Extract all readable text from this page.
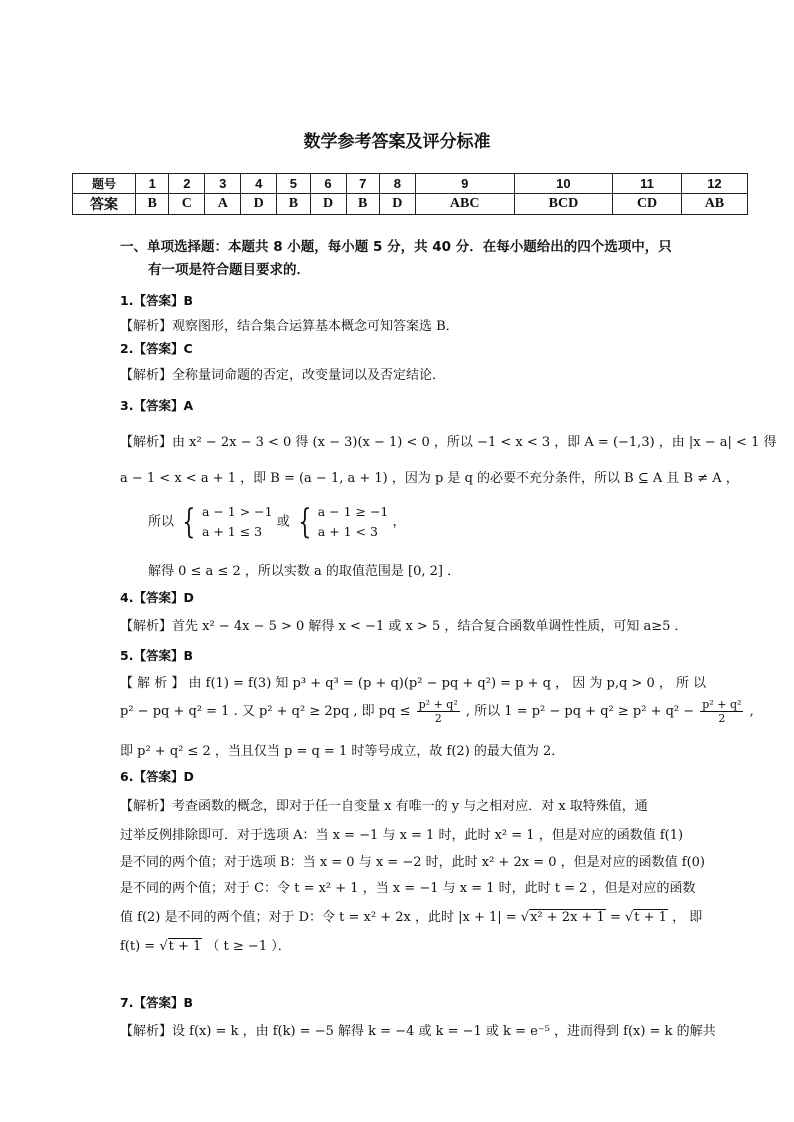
数学参考答案及评分标准
题号	1	2	3	4	5	6	7	8	9	10	11	12
答案	B	C	A	D	B	D	B	D	ABC	BCD	CD	AB
一、单项选择题：本题共 8 小题，每小题 5 分，共 40 分．在每小题给出的四个选项中，只
有一项是符合题目要求的．
1.【答案】B
【解析】观察图形，结合集合运算基本概念可知答案选 B．
2.【答案】C
【解析】全称量词命题的否定，改变量词以及否定结论．
3.【答案】A
【解析】由 x² − 2x − 3 < 0 得 (x − 3)(x − 1) < 0 ，所以 −1 < x < 3 ，即 A = (−1,3) ，由 |x − a| < 1 得
a − 1 < x < a + 1 ，即 B = (a − 1, a + 1) ，因为 p 是 q 的必要不充分条件，所以 B ⊆ A 且 B ≠ A ，
所以 { a − 1 > −1
a + 1 ≤ 3
或 { a − 1 ≥ −1
a + 1 < 3
，
解得 0 ≤ a ≤ 2 ，所以实数 a 的取值范围是 [0, 2] ．
4.【答案】D
【解析】首先 x² − 4x − 5 > 0 解得 x < −1 或 x > 5 ，结合复合函数单调性性质，可知 a≥5 ．
5.【答案】B
【 解 析 】 由 f(1) = f(3) 知 p³ + q³ = (p + q)(p² − pq + q²) = p + q ， 因 为 p,q > 0 ， 所 以
p² − pq + q² = 1 . 又 p² + q² ≥ 2pq , 即 pq ≤ $\frac{\text{p² + q²}}{2}$ , 所以 1 = p² − pq + $q^2 \ge p^2 + q^2 - \frac{\text{p² + q²}}{2}$ ,
即 p² + q² ≤ 2 ，当且仅当 p = q = 1 时等号成立，故 f(2) 的最大值为 2．
6.【答案】D
【解析】考查函数的概念，即对于任一自变量 x 有唯一的 y 与之相对应．对 x 取特殊值，通
过举反例排除即可．对于选项 A：当 x = −1 与 x = 1 时，此时 x² = 1 ，但是对应的函数值 f(1)
是不同的两个值；对于选项 B：当 x = 0 与 x = −2 时，此时 x² + 2x = 0 ，但是对应的函数值 f(0)
是不同的两个值；对于 C：令 t = x² + 1 ，当 x = −1 与 x = 1 时，此时 t = 2 ，但是对应的函数
值 f(2) 是不同的两个值；对于 D：令 t = x² + 2x ，此时 |x + 1| = √x² + 2x + 1 = √t + 1 ， 即
f(t) = √t + 1 （ t ≥ −1 ）．
7.【答案】B
【解析】设 f(x) = k ，由 f(k) = −5 解得 k = −4 或 k = −1 或 k = e⁻⁵ ，进而得到 f(x) = k 的解共
